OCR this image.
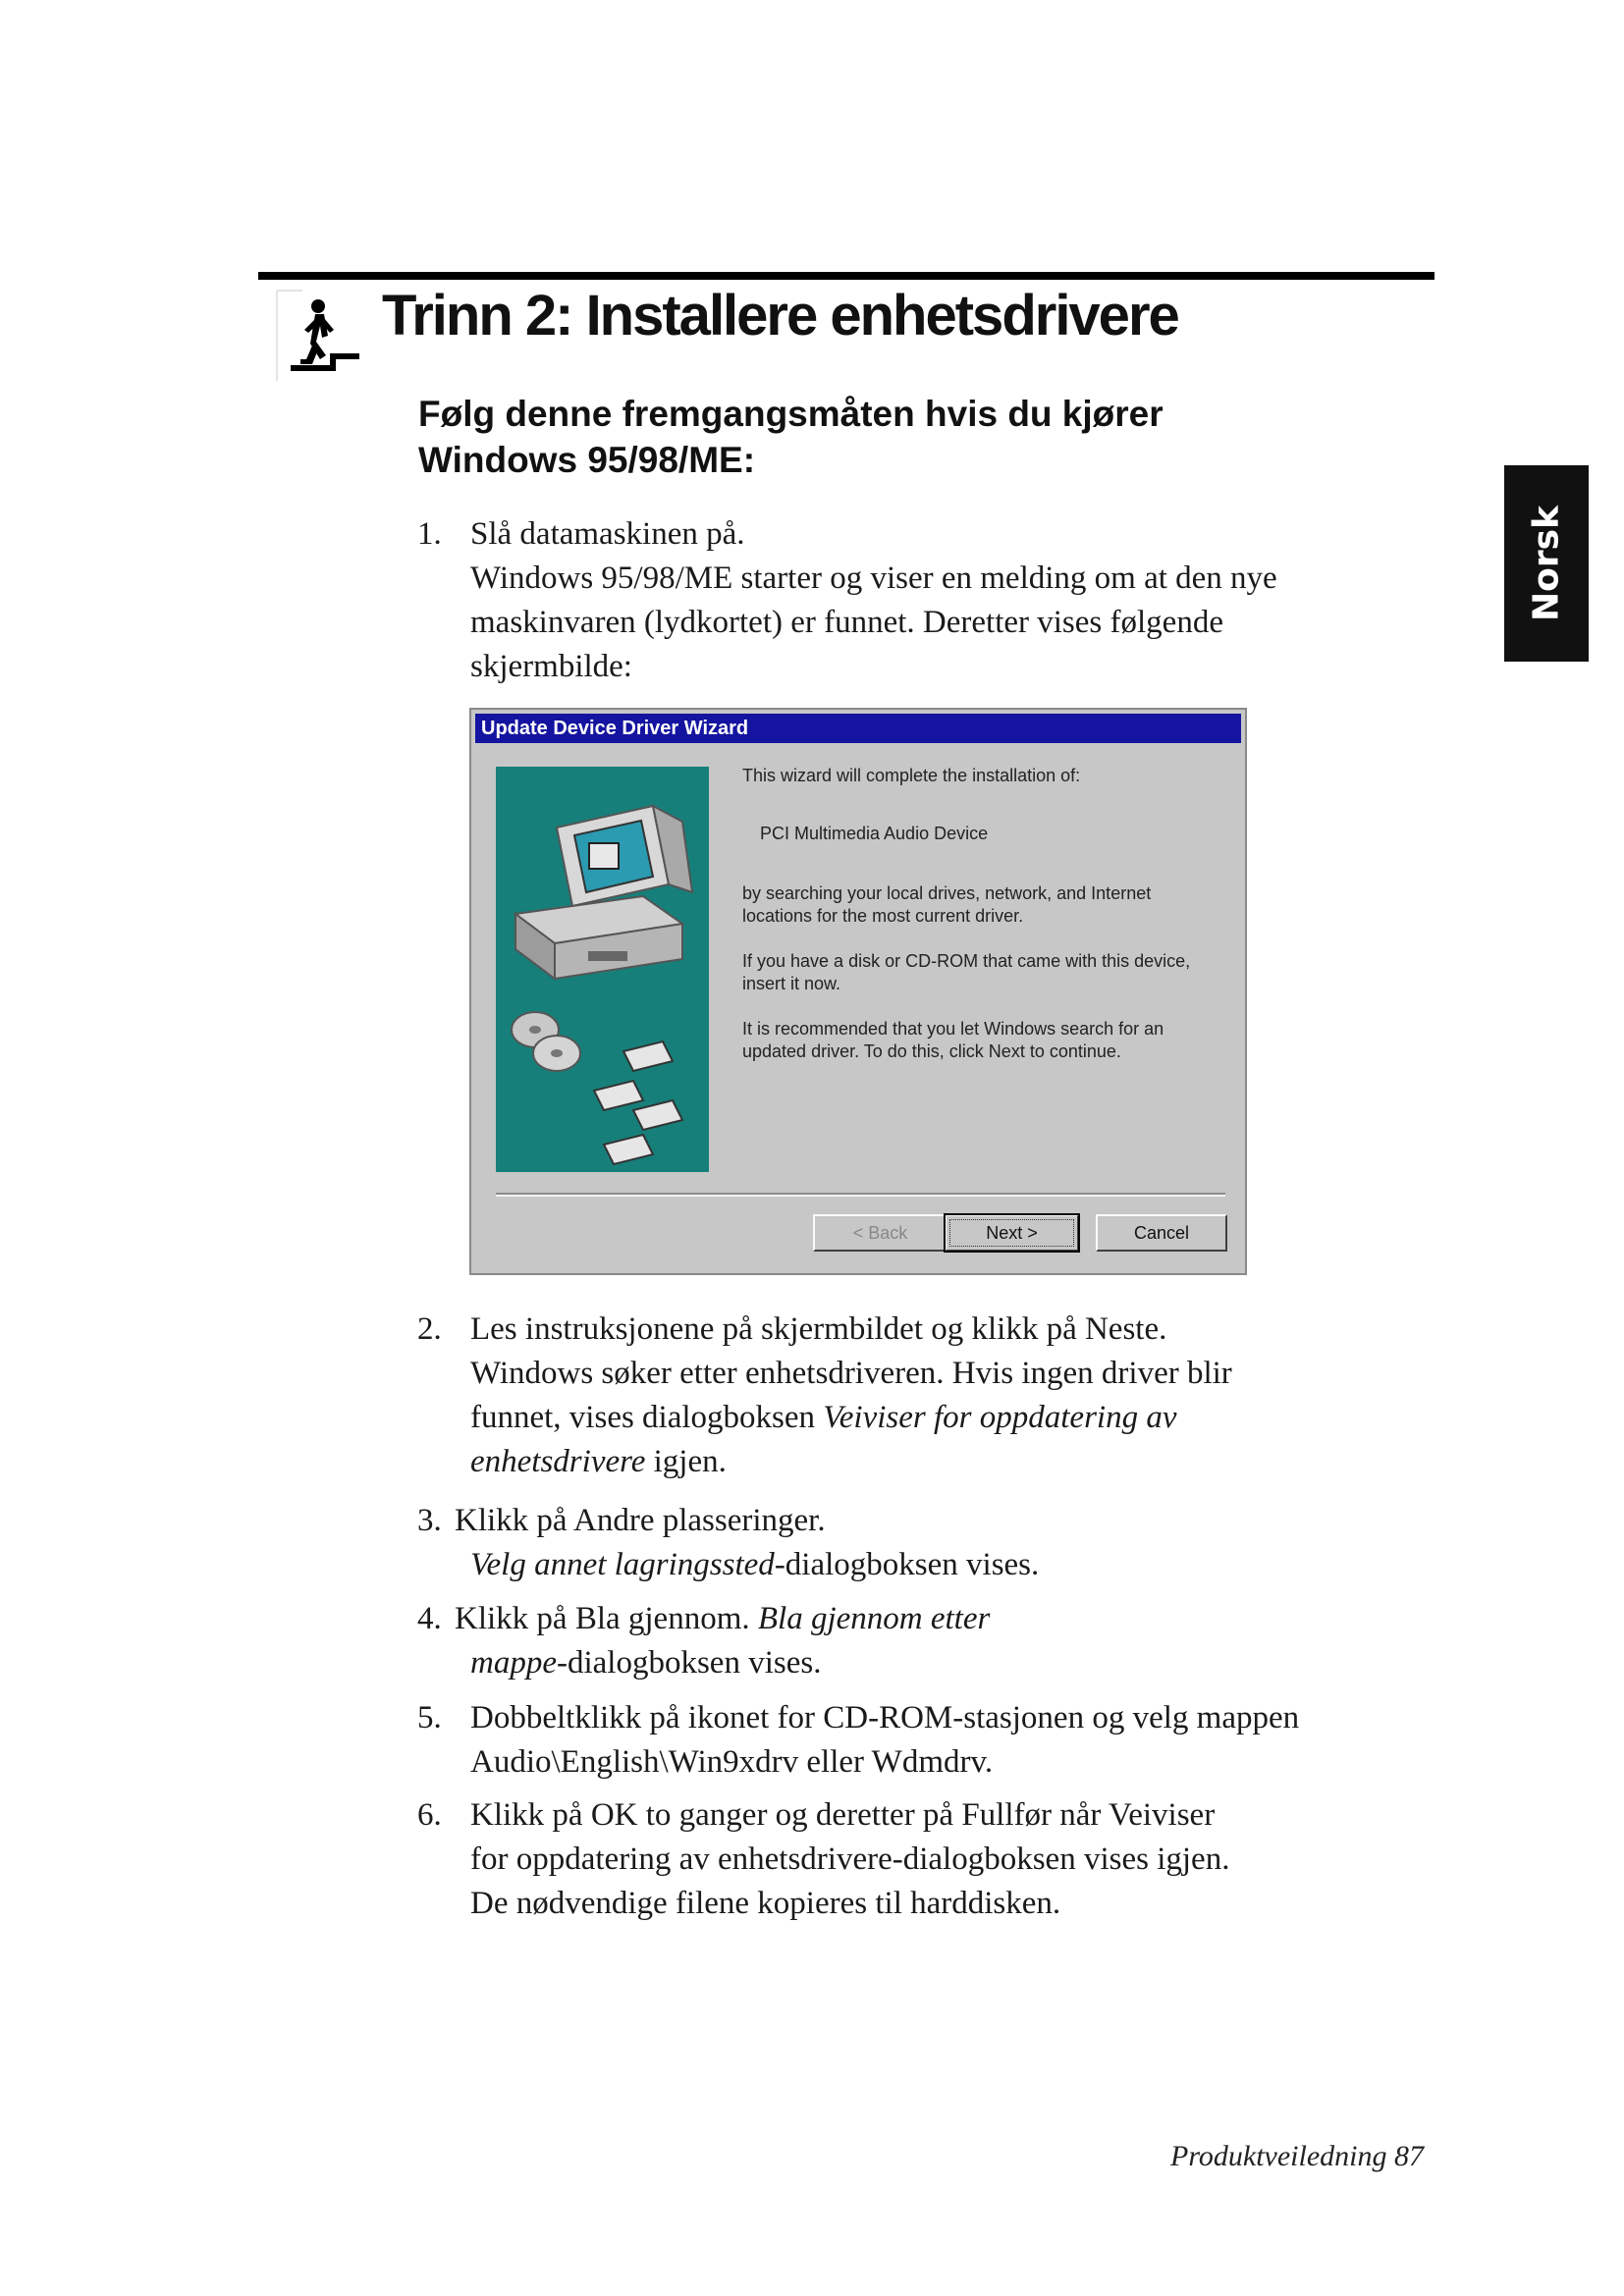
Trinn 2: Installere enhetsdrivere
Følg denne fremgangsmåten hvis du kjører
Windows 95/98/ME:
Norsk
1. Slå datamaskinen på.
Windows 95/98/ME starter og viser en melding om at den nye
maskinvaren (lydkortet) er funnet. Deretter vises følgende
skjermbilde:
Update Device Driver Wizard

This wizard will complete the installation of:

PCI Multimedia Audio Device

by searching your local drives, network, and Internet locations for the most current driver.

If you have a disk or CD-ROM that came with this device, insert it now.

It is recommended that you let Windows search for an updated driver. To do this, click Next to continue.

< Back	Next >	Cancel
2. Les instruksjonene på skjermbildet og klikk på Neste.
Windows søker etter enhetsdriveren. Hvis ingen driver blir
funnet, vises dialogboksen Veiviser for oppdatering av
enhetsdrivere igjen.
3. Klikk på Andre plasseringer.
Velg annet lagringssted-dialogboksen vises.
4. Klikk på Bla gjennom. Bla gjennom etter
mappe-dialogboksen vises.
5. Dobbeltklikk på ikonet for CD-ROM-stasjonen og velg mappen
Audio\English\Win9xdrv eller Wdmdrv.
6. Klikk på OK to ganger og deretter på Fullfør når Veiviser
for oppdatering av enhetsdrivere-dialogboksen vises igjen.
De nødvendige filene kopieres til harddisken.

Produktveiledning 87
